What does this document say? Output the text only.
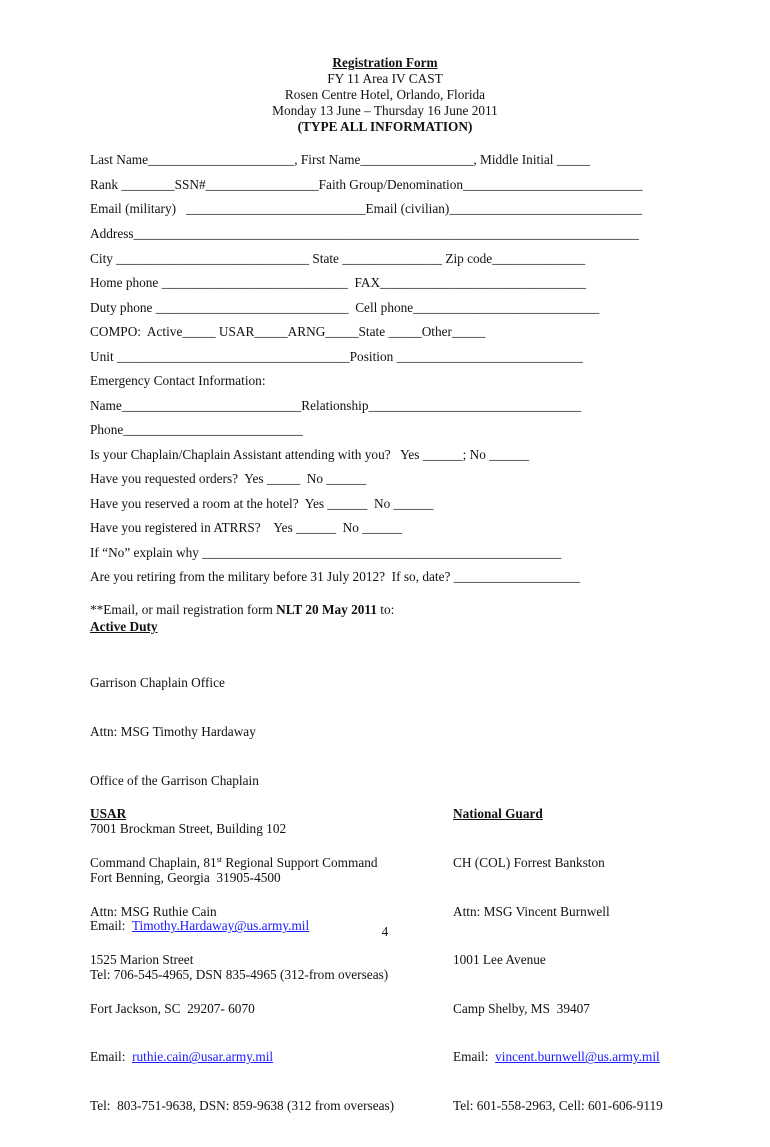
Registration Form
FY 11 Area IV CAST
Rosen Centre Hotel, Orlando, Florida
Monday 13 June – Thursday 16 June 2011
(TYPE ALL INFORMATION)
Last Name______________________, First Name_________________, Middle Initial _____
Rank ________SSN#_________________Faith Group/Denomination___________________________
Email (military)   ___________________________Email (civilian)_____________________________
Address____________________________________________________________________________
City _____________________________ State _______________ Zip code______________
Home phone ____________________________  FAX_______________________________
Duty phone _____________________________  Cell phone____________________________
COMPO:  Active_____ USAR_____ARNG_____State _____Other_____
Unit ___________________________________Position ____________________________
Emergency Contact Information:
Name___________________________Relationship________________________________
Phone___________________________
Is your Chaplain/Chaplain Assistant attending with you?   Yes ______; No ______
Have you requested orders?  Yes _____  No ______
Have you reserved a room at the hotel?  Yes ______  No ______
Have you registered in ATRRS?    Yes ______  No ______
If “No” explain why ______________________________________________________
Are you retiring from the military before 31 July 2012?  If so, date? ___________________
**Email, or mail registration form NLT 20 May 2011 to:
Active Duty

Garrison Chaplain Office

Attn: MSG Timothy Hardaway

Office of the Garrison Chaplain

7001 Brockman Street, Building 102

Fort Benning, Georgia  31905-4500

Email:  Timothy.Hardaway@us.army.mil

Tel: 706-545-4965, DSN 835-4965 (312-from overseas)

USAR

Command Chaplain, 81st Regional Support Command

Attn: MSG Ruthie Cain

1525 Marion Street

Fort Jackson, SC  29207- 6070

Email:  ruthie.cain@usar.army.mil

Tel:  803-751-9638, DSN: 859-9638 (312 from overseas)

National Guard

CH (COL) Forrest Bankston

Attn: MSG Vincent Burnwell

1001 Lee Avenue

Camp Shelby, MS  39407

Email:  vincent.burnwell@us.army.mil

Tel: 601-558-2963, Cell: 601-606-9119

4
